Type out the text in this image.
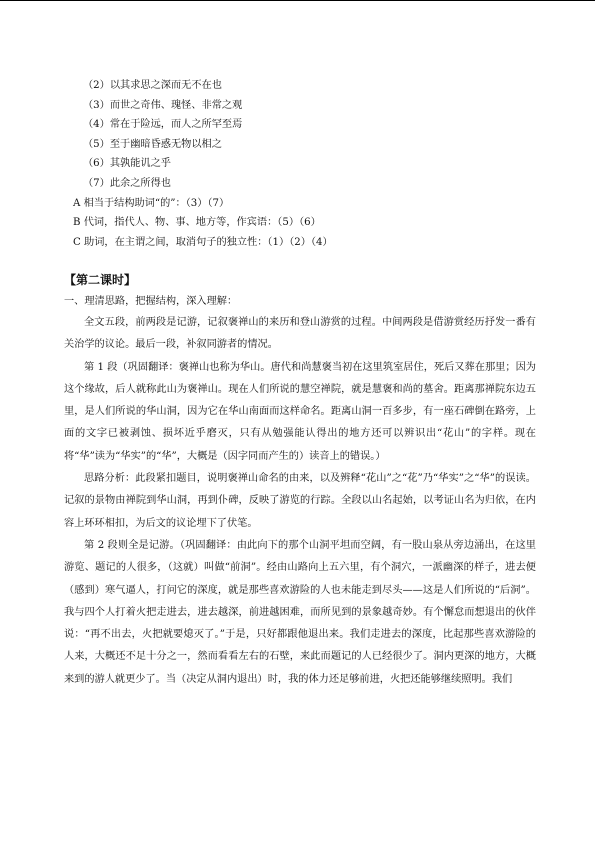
（2）以其求思之深而无不在也

（3）而世之奇伟、瑰怪、非常之观

（4）常在于险远，而人之所罕至焉

（5）至于幽暗昏惑无物以相之

（6）其孰能讥之乎

（7）此余之所得也

A 相当于结构助词“的”：（3）（7）

B 代词，指代人、物、事、地方等，作宾语：（5）（6）

C 助词，在主谓之间，取消句子的独立性：（1）（2）（4）

【第二课时】

一、理清思路，把握结构，深入理解：

全文五段，前两段是记游，记叙褒禅山的来历和登山游赏的过程。中间两段是借游赏经历抒发一番有关治学的议论。最后一段，补叙同游者的情况。

第 1 段（巩固翻译：褒禅山也称为华山。唐代和尚慧褒当初在这里筑室居住，死后又葬在那里；因为这个缘故，后人就称此山为褒禅山。现在人们所说的慧空禅院，就是慧褒和尚的墓舍。距离那禅院东边五里，是人们所说的华山洞，因为它在华山南面而这样命名。距离山洞一百多步，有一座石碑倒在路旁，上面的文字已被剥蚀、损坏近乎磨灭，只有从勉强能认得出的地方还可以辨识出“花山”的字样。现在将“华”读为“华实”的“华”，大概是（因字同而产生的）读音上的错误。）

思路分析：此段紧扣题目，说明褒禅山命名的由来，以及辨释“花山”之“花”乃“华实”之“华”的误读。记叙的景物由禅院到华山洞，再到仆碑，反映了游览的行踪。全段以山名起始，以考证山名为归依，在内容上环环相扣，为后文的议论埋下了伏笔。

第 2 段则全是记游。（巩固翻译：由此向下的那个山洞平坦而空阔，有一股山泉从旁边涌出，在这里游览、题记的人很多，（这就）叫做“前洞”。经由山路向上五六里，有个洞穴，一派幽深的样子，进去便（感到）寒气逼人，打问它的深度，就是那些喜欢游险的人也未能走到尽头——这是人们所说的“后洞”。我与四个人打着火把走进去，进去越深，前进越困难，而所见到的景象越奇妙。有个懈怠而想退出的伙伴说：“再不出去，火把就要熄灭了。”于是，只好都跟他退出来。我们走进去的深度，比起那些喜欢游险的人来，大概还不足十分之一，然而看看左右的石壁，来此而题记的人已经很少了。洞内更深的地方，大概来到的游人就更少了。当（决定从洞内退出）时，我的体力还足够前进，火把还能够继续照明。我们
